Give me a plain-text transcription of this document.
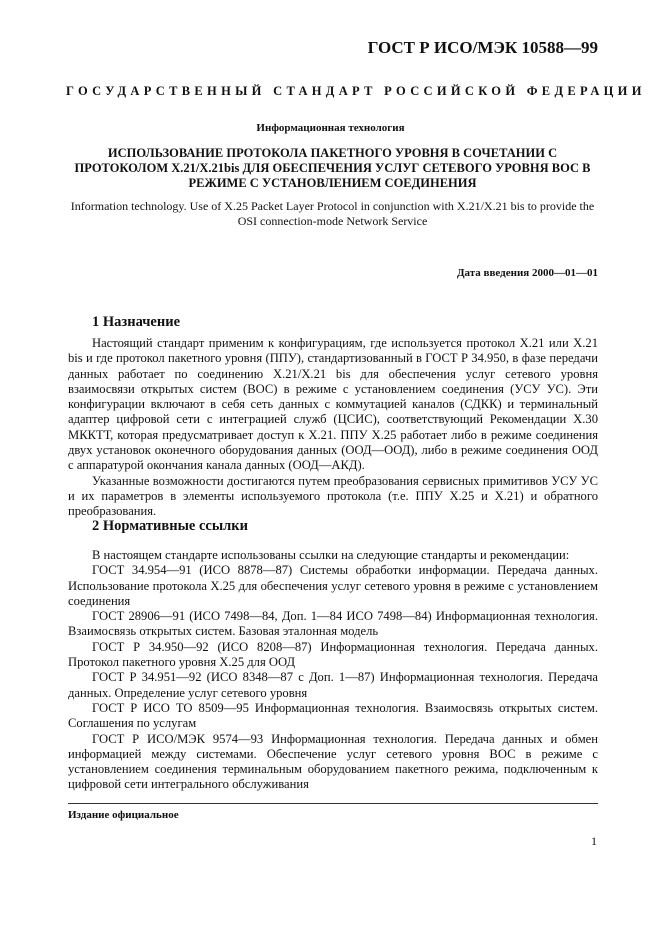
ГОСТ Р ИСО/МЭК 10588—99
ГОСУДАРСТВЕННЫЙ СТАНДАРТ РОССИЙСКОЙ ФЕДЕРАЦИИ
Информационная технология
ИСПОЛЬЗОВАНИЕ ПРОТОКОЛА ПАКЕТНОГО УРОВНЯ В СОЧЕТАНИИ С ПРОТОКОЛОМ Х.21/Х.21bis ДЛЯ ОБЕСПЕЧЕНИЯ УСЛУГ СЕТЕВОГО УРОВНЯ ВОС В РЕЖИМЕ С УСТАНОВЛЕНИЕМ СОЕДИНЕНИЯ
Information technology. Use of X.25 Packet Layer Protocol in conjunction with X.21/X.21 bis to provide the OSI connection-mode Network Service
Дата введения 2000—01—01
1 Назначение

Настоящий стандарт применим к конфигурациям, где используется протокол Х.21 или Х.21 bis и где протокол пакетного уровня (ППУ), стандартизованный в ГОСТ Р 34.950, в фазе передачи данных работает по соединению Х.21/Х.21 bis для обеспечения услуг сетевого уровня взаимосвязи открытых систем (ВОС) в режиме с установлением соединения (УСУ УС). Эти конфигурации включают в себя сеть данных с коммутацией каналов (СДКК) и терминальный адаптер цифровой сети с интеграцией служб (ЦСИС), соответствующий Рекомендации Х.30 МККТТ, которая предусматривает доступ к Х.21. ППУ Х.25 работает либо в режиме соединения двух установок оконечного оборудования данных (ООД—ООД), либо в режиме соединения ООД с аппаратурой окончания канала данных (ООД—АКД).

Указанные возможности достигаются путем преобразования сервисных примитивов УСУ УС и их параметров в элементы используемого протокола (т.е. ППУ Х.25 и Х.21) и обратного преобразования.

2 Нормативные ссылки

В настоящем стандарте использованы ссылки на следующие стандарты и рекомендации:

ГОСТ 34.954—91 (ИСО 8878—87) Системы обработки информации. Передача данных. Использование протокола Х.25 для обеспечения услуг сетевого уровня в режиме с установлением соединения

ГОСТ 28906—91 (ИСО 7498—84, Доп. 1—84 ИСО 7498—84) Информационная технология. Взаимосвязь открытых систем. Базовая эталонная модель

ГОСТ Р 34.950—92 (ИСО 8208—87) Информационная технология. Передача данных. Протокол пакетного уровня Х.25 для ООД

ГОСТ Р 34.951—92 (ИСО 8348—87 с Доп. 1—87) Информационная технология. Передача данных. Определение услуг сетевого уровня

ГОСТ Р ИСО ТО 8509—95 Информационная технология. Взаимосвязь открытых систем. Соглашения по услугам

ГОСТ Р ИСО/МЭК 9574—93 Информационная технология. Передача данных и обмен информацией между системами. Обеспечение услуг сетевого уровня ВОС в режиме с установлением соединения терминальным оборудованием пакетного режима, подключенным к цифровой сети интегрального обслуживания

Издание официальное
1
